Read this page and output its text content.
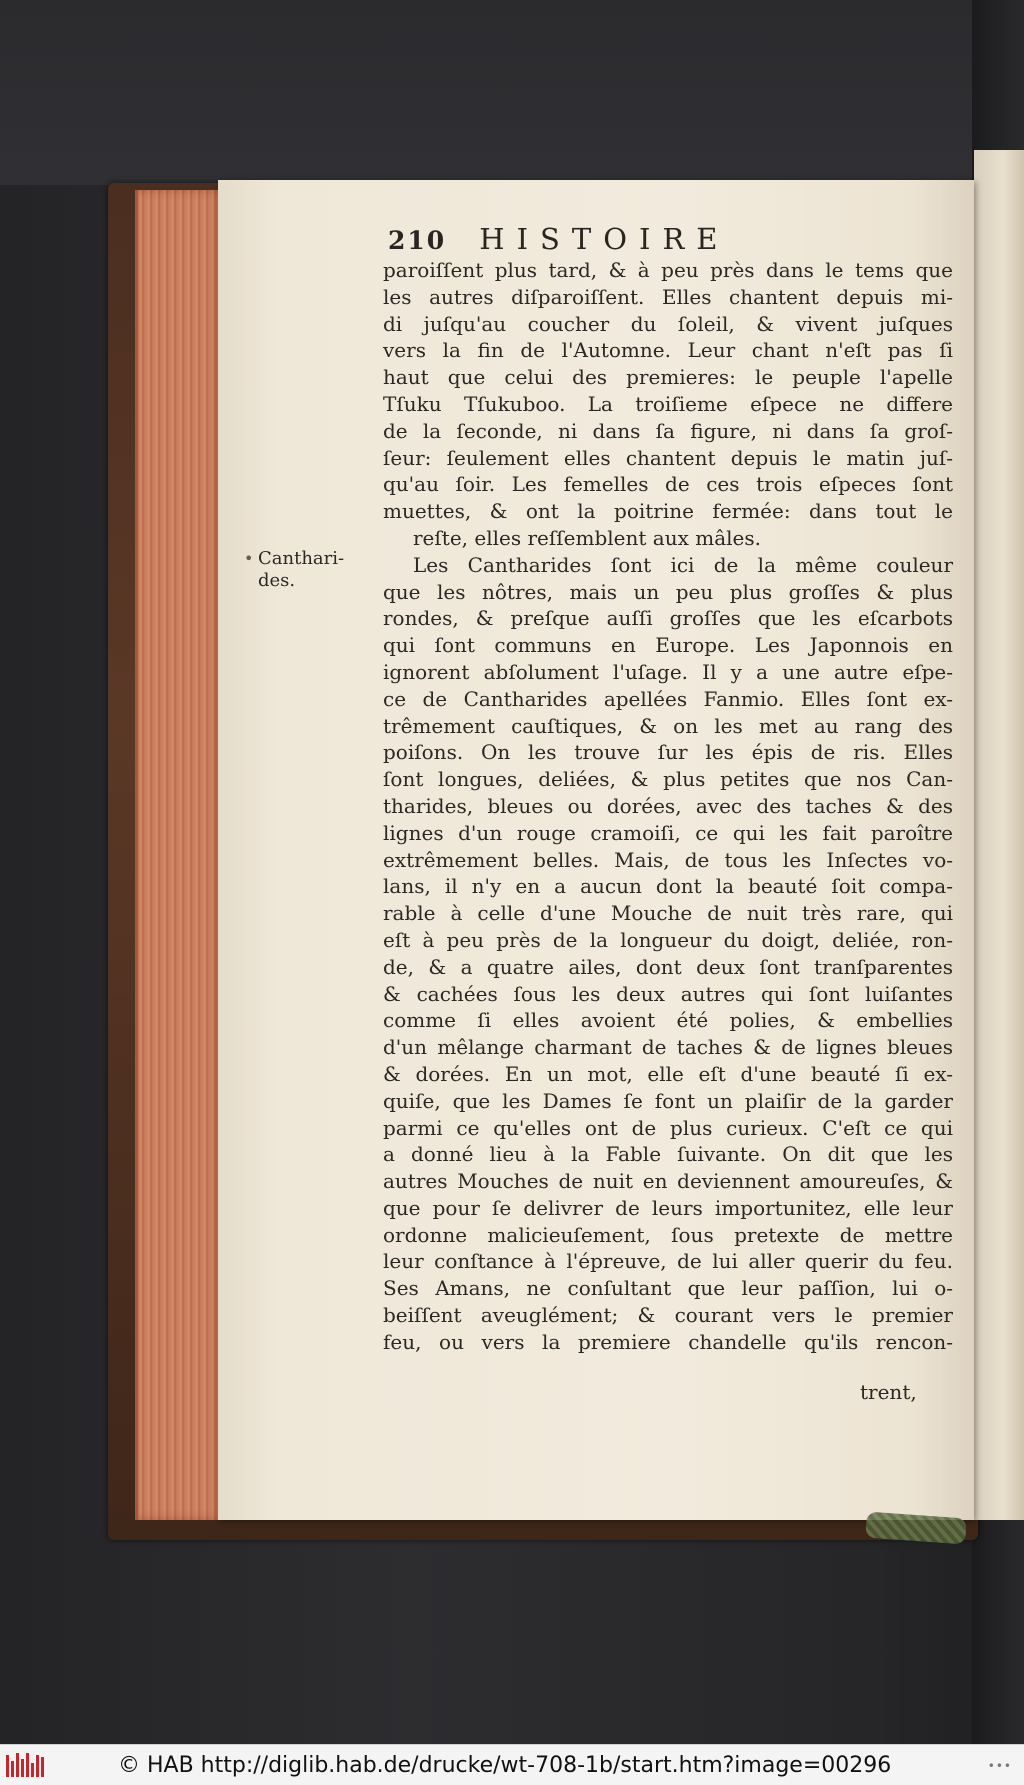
210 HISTOIRE
• Canthari-
des.
paroiſſent plus tard, & à peu près dans le tems que
les autres diſparoiſſent. Elles chantent depuis mi-
di juſqu'au coucher du ſoleil, & vivent juſques
vers la fin de l'Automne. Leur chant n'eſt pas ſi
haut que celui des premieres: le peuple l'apelle
Tſuku Tſukuboo. La troiſieme eſpece ne differe
de la ſeconde, ni dans ſa figure, ni dans ſa groſ-
ſeur: ſeulement elles chantent depuis le matin juſ-
qu'au ſoir. Les femelles de ces trois eſpeces ſont
muettes, & ont la poitrine fermée: dans tout le
reſte, elles reſſemblent aux mâles.
Les Cantharides ſont ici de la même couleur
que les nôtres, mais un peu plus groſſes & plus
rondes, & preſque auſſi groſſes que les eſcarbots
qui ſont communs en Europe. Les Japonnois en
ignorent abſolument l'uſage. Il y a une autre eſpe-
ce de Cantharides apellées Fanmio. Elles ſont ex-
trêmement cauſtiques, & on les met au rang des
poiſons. On les trouve ſur les épis de ris. Elles
ſont longues, deliées, & plus petites que nos Can-
tharides, bleues ou dorées, avec des taches & des
lignes d'un rouge cramoiſi, ce qui les fait paroître
extrêmement belles. Mais, de tous les Inſectes vo-
lans, il n'y en a aucun dont la beauté ſoit compa-
rable à celle d'une Mouche de nuit très rare, qui
eſt à peu près de la longueur du doigt, deliée, ron-
de, & a quatre ailes, dont deux ſont tranſparentes
& cachées ſous les deux autres qui ſont luiſantes
comme ſi elles avoient été polies, & embellies
d'un mêlange charmant de taches & de lignes bleues
& dorées. En un mot, elle eſt d'une beauté ſi ex-
quiſe, que les Dames ſe font un plaiſir de la garder
parmi ce qu'elles ont de plus curieux. C'eſt ce qui
a donné lieu à la Fable ſuivante. On dit que les
autres Mouches de nuit en deviennent amoureuſes, &
que pour ſe delivrer de leurs importunitez, elle leur
ordonne malicieuſement, ſous pretexte de mettre
leur conſtance à l'épreuve, de lui aller querir du feu.
Ses Amans, ne conſultant que leur paſſion, lui o-
beiſſent aveuglément; & courant vers le premier
feu, ou vers la premiere chandelle qu'ils rencon-
trent,
© HAB http://diglib.hab.de/drucke/wt-708-1b/start.htm?image=00296	•••
